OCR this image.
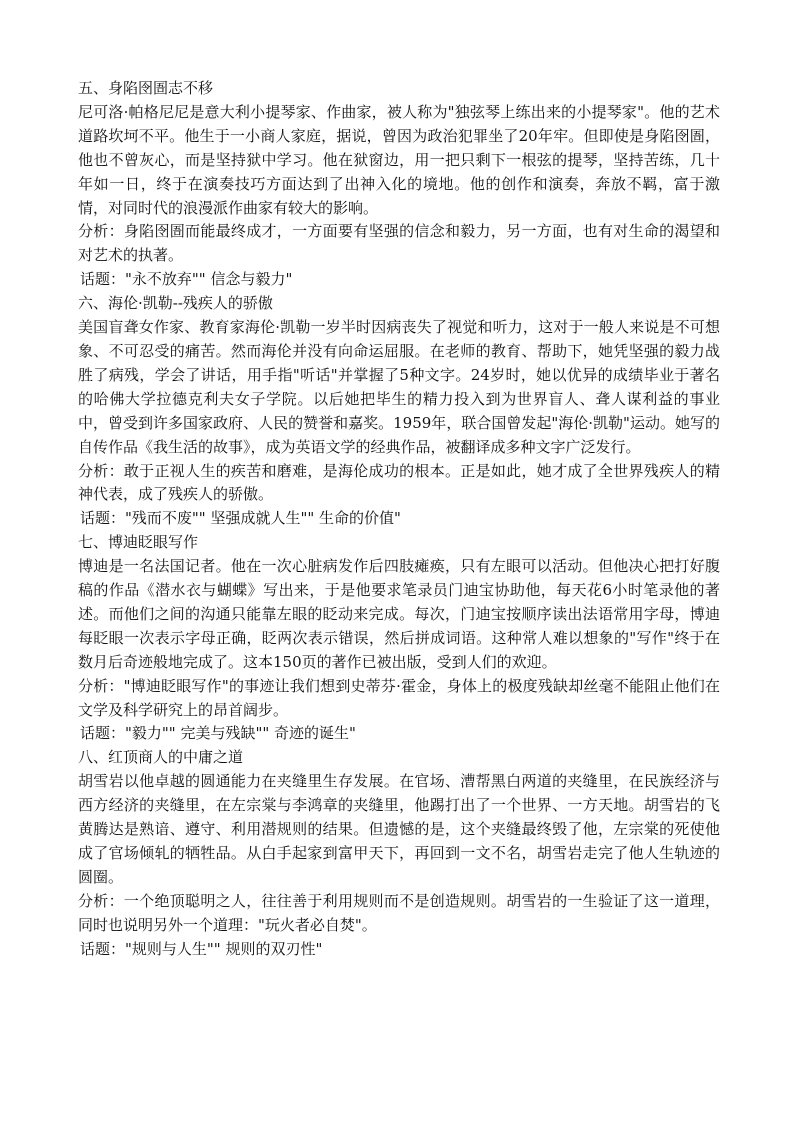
五、身陷囹圄志不移

尼可洛·帕格尼尼是意大利小提琴家、作曲家，被人称为"独弦琴上练出来的小提琴家"。他的艺术道路坎坷不平。他生于一小商人家庭，据说，曾因为政治犯罪坐了20年牢。但即使是身陷囹圄，他也不曾灰心，而是坚持狱中学习。他在狱窗边，用一把只剩下一根弦的提琴，坚持苦练，几十年如一日，终于在演奏技巧方面达到了出神入化的境地。他的创作和演奏，奔放不羁，富于激情，对同时代的浪漫派作曲家有较大的影响。

分析：身陷囹圄而能最终成才，一方面要有坚强的信念和毅力，另一方面，也有对生命的渴望和对艺术的执著。

话题："永不放弃"" 信念与毅力"

六、海伦·凯勒--残疾人的骄傲

美国盲聋女作家、教育家海伦·凯勒一岁半时因病丧失了视觉和听力，这对于一般人来说是不可想象、不可忍受的痛苦。然而海伦并没有向命运屈服。在老师的教育、帮助下，她凭坚强的毅力战胜了病残，学会了讲话，用手指"听话"并掌握了5种文字。24岁时，她以优异的成绩毕业于著名的哈佛大学拉德克利夫女子学院。以后她把毕生的精力投入到为世界盲人、聋人谋利益的事业中，曾受到许多国家政府、人民的赞誉和嘉奖。1959年，联合国曾发起"海伦·凯勒"运动。她写的自传作品《我生活的故事》，成为英语文学的经典作品，被翻译成多种文字广泛发行。

分析：敢于正视人生的疾苦和磨难，是海伦成功的根本。正是如此，她才成了全世界残疾人的精神代表，成了残疾人的骄傲。

话题："残而不废"" 坚强成就人生"" 生命的价值"

七、博迪眨眼写作

博迪是一名法国记者。他在一次心脏病发作后四肢瘫痪，只有左眼可以活动。但他决心把打好腹稿的作品《潜水衣与蝴蝶》写出来，于是他要求笔录员门迪宝协助他，每天花6小时笔录他的著述。而他们之间的沟通只能靠左眼的眨动来完成。每次，门迪宝按顺序读出法语常用字母，博迪每眨眼一次表示字母正确，眨两次表示错误，然后拼成词语。这种常人难以想象的"写作"终于在数月后奇迹般地完成了。这本150页的著作已被出版，受到人们的欢迎。

分析："博迪眨眼写作"的事迹让我们想到史蒂芬·霍金，身体上的极度残缺却丝毫不能阻止他们在文学及科学研究上的昂首阔步。

话题："毅力"" 完美与残缺"" 奇迹的诞生"

八、红顶商人的中庸之道

胡雪岩以他卓越的圆通能力在夹缝里生存发展。在官场、漕帮黑白两道的夹缝里，在民族经济与西方经济的夹缝里，在左宗棠与李鸿章的夹缝里，他踢打出了一个世界、一方天地。胡雪岩的飞黄腾达是熟谙、遵守、利用潜规则的结果。但遗憾的是，这个夹缝最终毁了他，左宗棠的死使他成了官场倾轧的牺牲品。从白手起家到富甲天下，再回到一文不名，胡雪岩走完了他人生轨迹的圆圈。

分析：一个绝顶聪明之人，往往善于利用规则而不是创造规则。胡雪岩的一生验证了这一道理，同时也说明另外一个道理："玩火者必自焚"。

话题："规则与人生"" 规则的双刃性"
